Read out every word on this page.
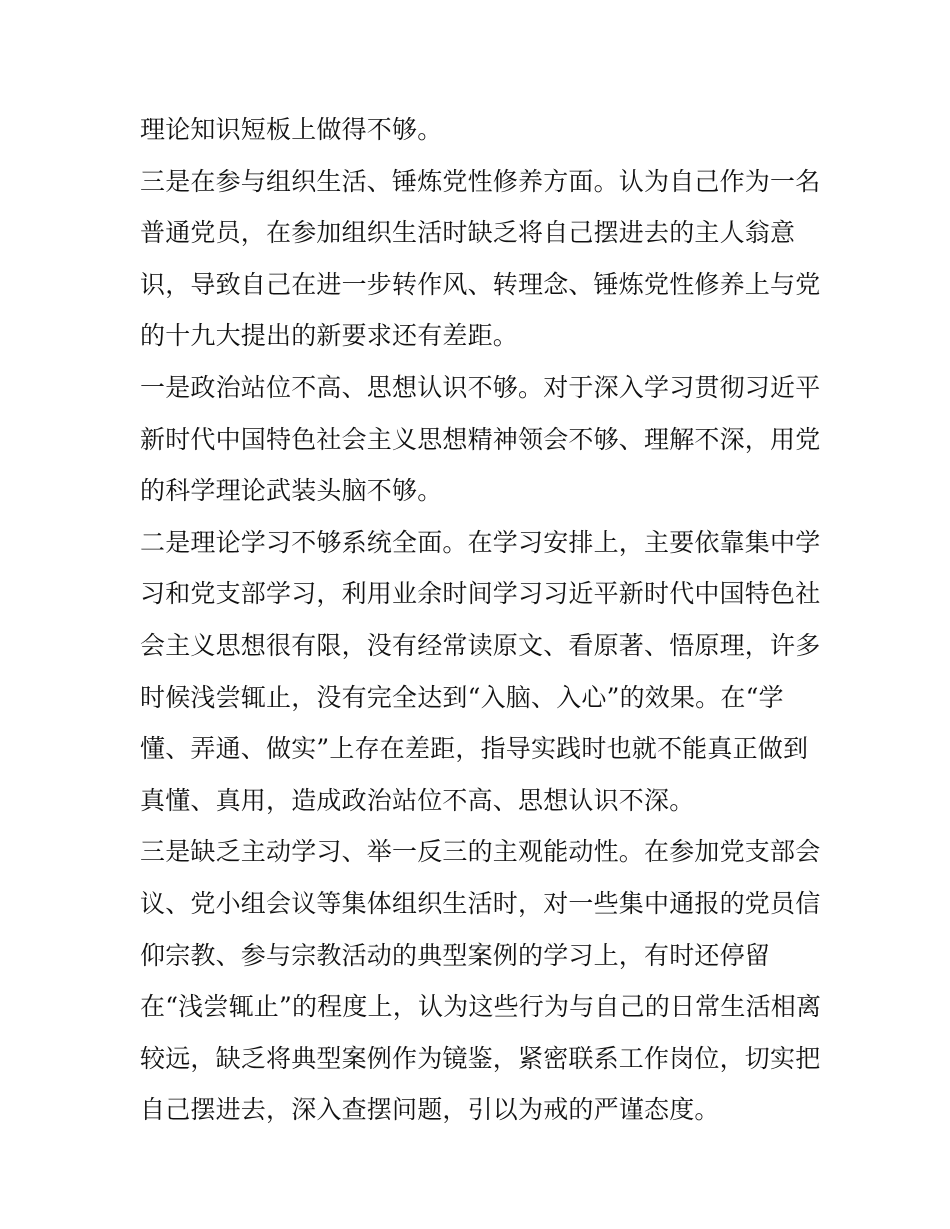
理论知识短板上做得不够。
三是在参与组织生活、锤炼党性修养方面。认为自己作为一名
普通党员，在参加组织生活时缺乏将自己摆进去的主人翁意
识，导致自己在进一步转作风、转理念、锤炼党性修养上与党
的十九大提出的新要求还有差距。
一是政治站位不高、思想认识不够。对于深入学习贯彻习近平
新时代中国特色社会主义思想精神领会不够、理解不深，用党
的科学理论武装头脑不够。
二是理论学习不够系统全面。在学习安排上，主要依靠集中学
习和党支部学习，利用业余时间学习习近平新时代中国特色社
会主义思想很有限，没有经常读原文、看原著、悟原理，许多
时候浅尝辄止，没有完全达到“入脑、入心”的效果。在“学
懂、弄通、做实”上存在差距，指导实践时也就不能真正做到
真懂、真用，造成政治站位不高、思想认识不深。
三是缺乏主动学习、举一反三的主观能动性。在参加党支部会
议、党小组会议等集体组织生活时，对一些集中通报的党员信
仰宗教、参与宗教活动的典型案例的学习上，有时还停留
在“浅尝辄止”的程度上，认为这些行为与自己的日常生活相离
较远，缺乏将典型案例作为镜鉴，紧密联系工作岗位，切实把
自己摆进去，深入查摆问题，引以为戒的严谨态度。
